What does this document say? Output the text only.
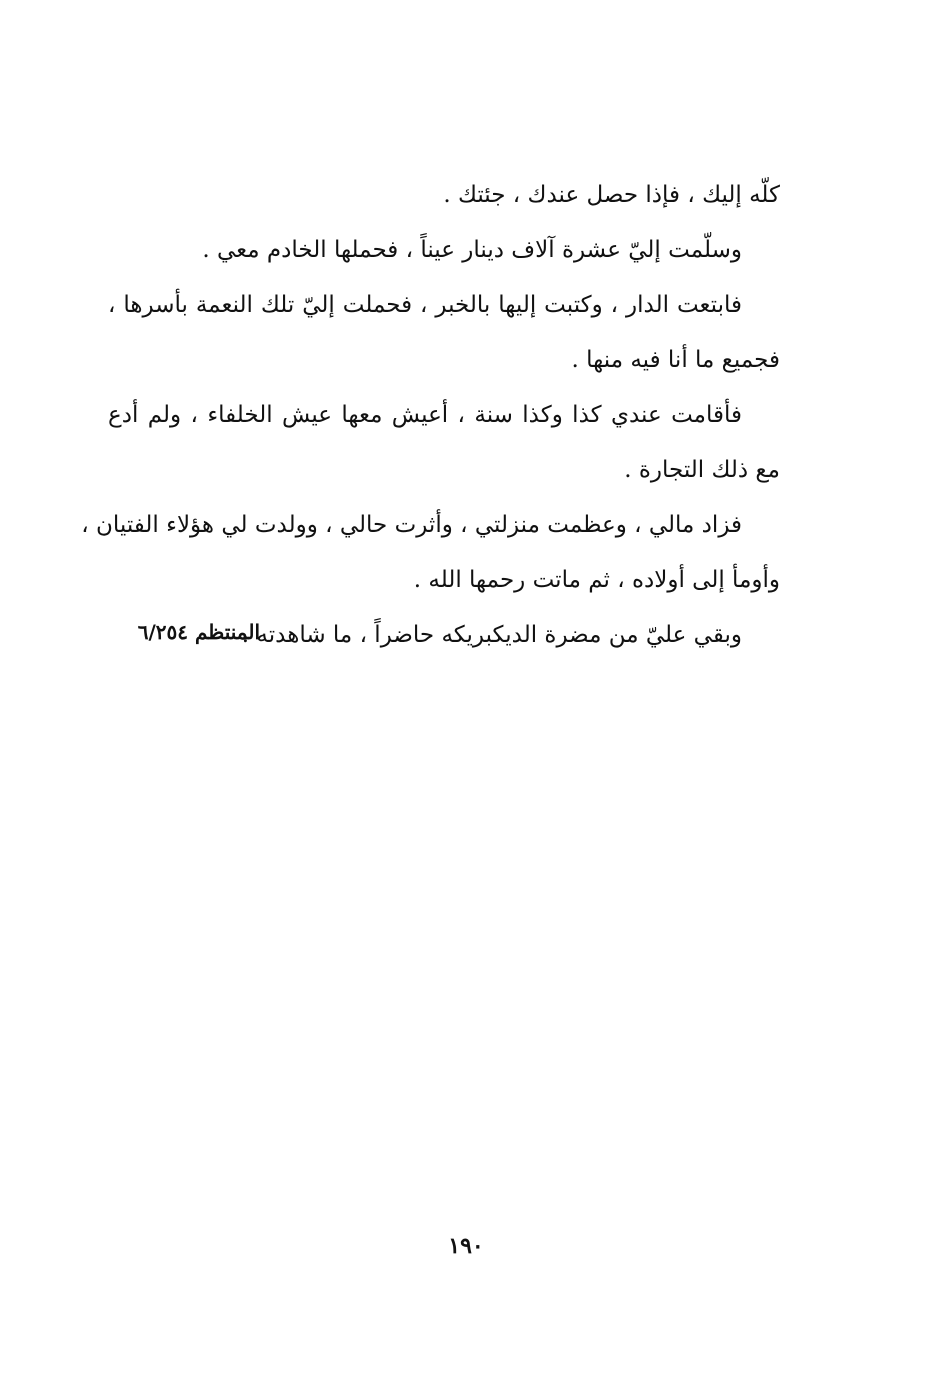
كلّه إليك ، فإذا حصل عندك ، جئتك .
وسلّمت إليّ عشرة آلاف دينار عيناً ، فحملها الخادم معي .
فابتعت الدار ، وكتبت إليها بالخبر ، فحملت إليّ تلك النعمة بأسرها ،
فجميع ما أنا فيه منها .
فأقامت عندي كذا وكذا سنة ، أعيش معها عيش الخلفاء ، ولم أدع
مع ذلك التجارة .
فزاد مالي ، وعظمت منزلتي ، وأثرت حالي ، وولدت لي هؤلاء الفتيان ،
وأومأ إلى أولاده ، ثم ماتت رحمها الله .
وبقي عليّ من مضرة الديكبريكه حاضراً ، ما شاهدته .
المنتظم ٦/٢٥٤
١٩٠
